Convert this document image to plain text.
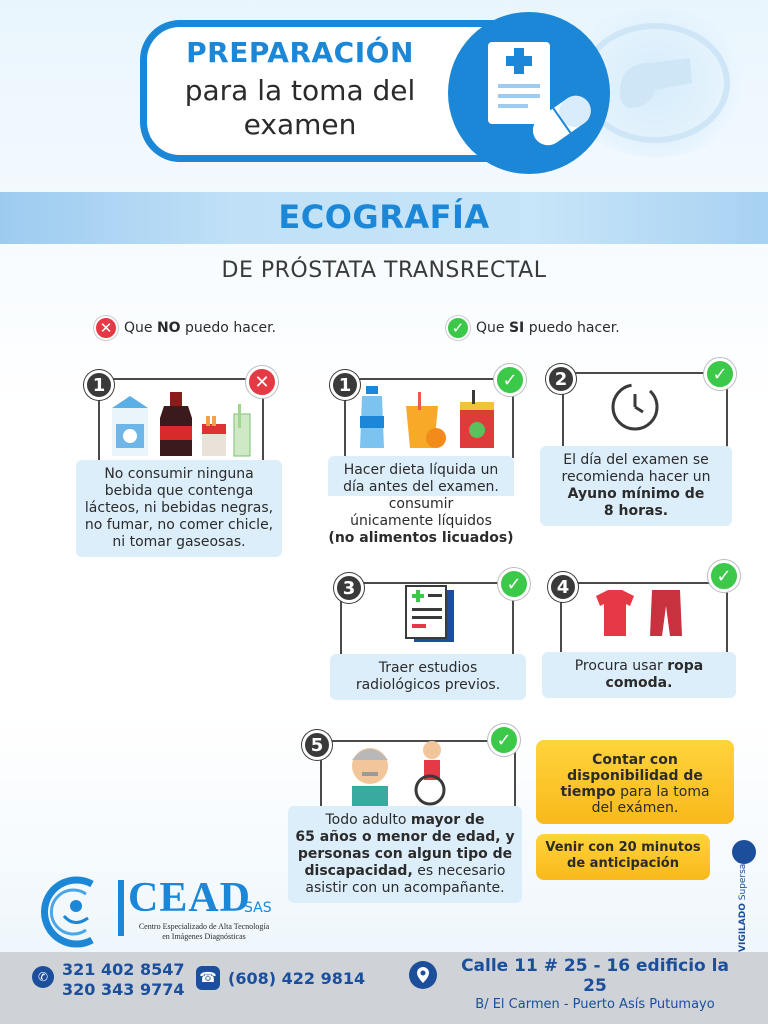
PREPARACIÓN
para la toma del
examen
ECOGRAFÍA
DE PRÓSTATA TRANSRECTAL
✕ Que NO puedo hacer.	✓ Que SI puedo hacer.
1	✕
No consumir ninguna
bebida que contenga
lácteos, ni bebidas negras,
no fumar, no comer chicle,
ni tomar gaseosas.
1	✓
Hacer dieta líquida un
día antes del examen.
consumir
únicamente líquidos
(no alimentos licuados)
2	✓
El día del examen se
recomienda hacer un
Ayuno mínimo de
8 horas.
3	✓
Traer estudios
radiológicos previos.
4
✓
Procura usar ropa
comoda.
5	✓
Todo adulto mayor de
65 años o menor de edad, y
personas con algun tipo de
discapacidad, es necesario
asistir con un acompañante.
Contar con
disponibilidad de
tiempo para la toma
del exámen.
Venir con 20 minutos
de anticipación
VIGILADO Supersalud
CEAD
SAS
Centro Especializado de Alta Tecnología
en Imágenes Diagnósticas
✆ 321 402 8547
320 343 9774
☎ (608) 422 9814
Calle 11 # 25 - 16 edificio la 25
B/ El Carmen - Puerto Asís Putumayo
